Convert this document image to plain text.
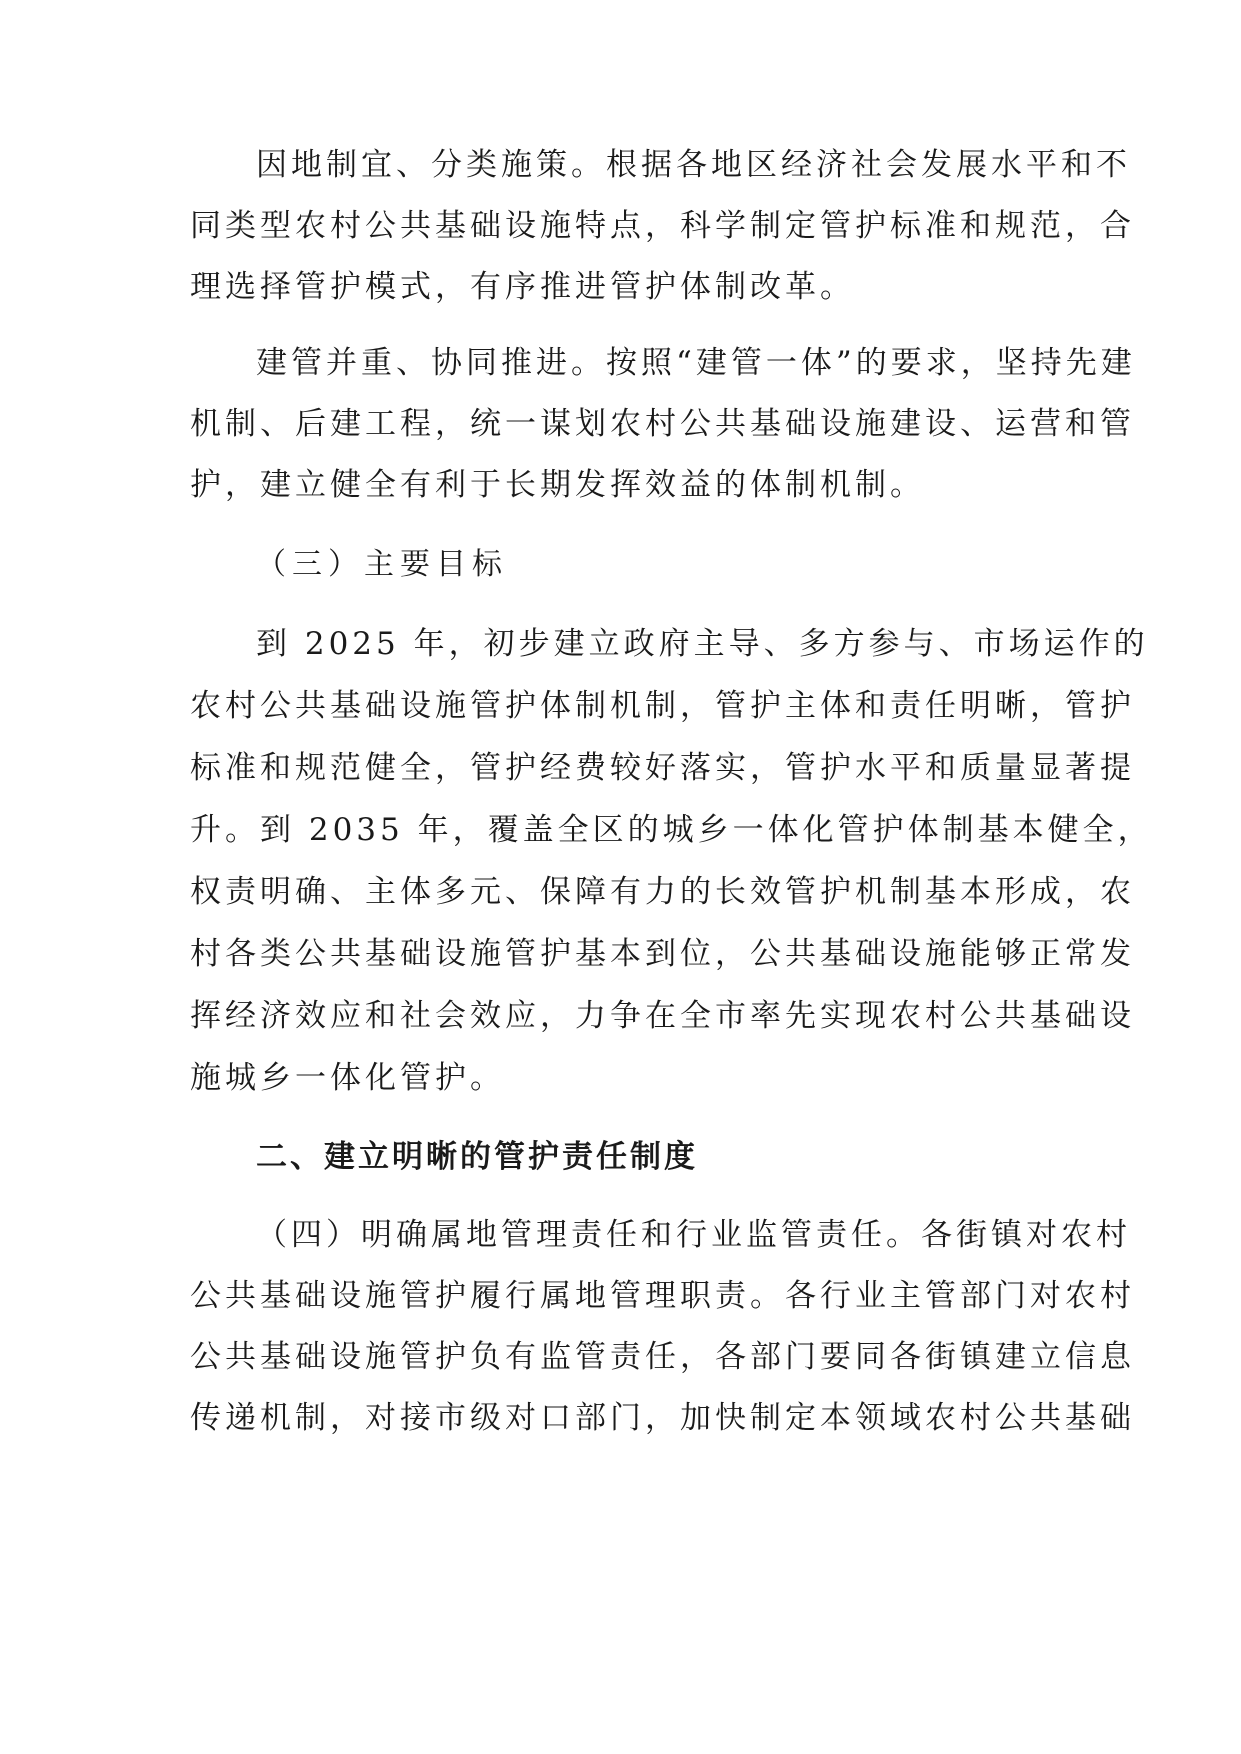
因地制宜、分类施策。根据各地区经济社会发展水平和不
同类型农村公共基础设施特点，科学制定管护标准和规范，合
理选择管护模式，有序推进管护体制改革。
建管并重、协同推进。按照“建管一体”的要求，坚持先建
机制、后建工程，统一谋划农村公共基础设施建设、运营和管
护，建立健全有利于长期发挥效益的体制机制。
（三）主要目标
到 2025 年，初步建立政府主导、多方参与、市场运作的
农村公共基础设施管护体制机制，管护主体和责任明晰，管护
标准和规范健全，管护经费较好落实，管护水平和质量显著提
升。到 2035 年，覆盖全区的城乡一体化管护体制基本健全，
权责明确、主体多元、保障有力的长效管护机制基本形成，农
村各类公共基础设施管护基本到位，公共基础设施能够正常发
挥经济效应和社会效应，力争在全市率先实现农村公共基础设
施城乡一体化管护。
二、建立明晰的管护责任制度
（四）明确属地管理责任和行业监管责任。各街镇对农村
公共基础设施管护履行属地管理职责。各行业主管部门对农村
公共基础设施管护负有监管责任，各部门要同各街镇建立信息
传递机制，对接市级对口部门，加快制定本领域农村公共基础
